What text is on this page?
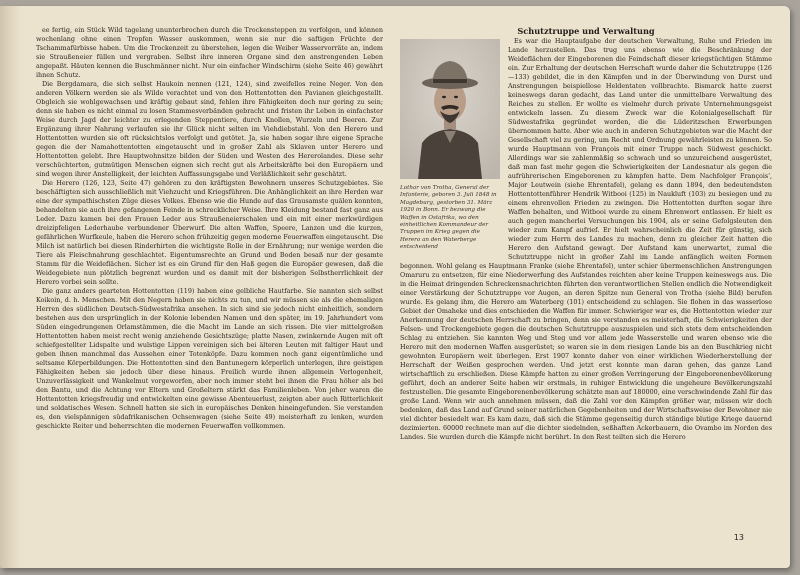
ee fertig, ein Stück Wild tagelang ununterbrochen durch die Trockensteppen zu verfolgen, und können wochenlang ohne einen Tropfen Wasser auskommen, wenn sie nur die saftigen Früchte der Tschammafürbisse haben. Um die Trockenzeit zu überstehen, legen die Weiber Wasservorräte an, indem sie Straußeneier füllen und vergraben. Selbst ihre inneren Organe sind den anstrengenden Leben angepaßt. Häuten kennen die Buschmänner nicht. Nur ein einfacher Windschirm (siehe Seite 46) gewährt ihnen Schutz.

Die Bergdamara, die sich selbst Haukoin nennen (121, 124), sind zweifellos reine Neger. Von den anderen Völkern werden sie als Wilde verachtet und von den Hottentotten den Pavianen gleichgestellt. Obgleich sie wohlgewachsen und kräftig gebaut sind, fehlen ihre Fähigkeiten doch nur gering zu sein; denn sie haben es nicht einmal zu losen Stammesverbänden gebracht und fristen ihr Leben in einfachster Weise durch Jagd der leichter zu erlegenden Steppentiere, durch Knollen, Wurzeln und Beeren. Zur Ergänzung ihrer Nahrung verlaufen sie ihr Glück nicht selten im Viehdiebstahl. Von den Herero und Hottentotten wurden sie oft rücksichtslos verfolgt und getötet. Ja, sie haben sogar ihre eigene Sprache gegen die der Namahottentotten eingetauscht und in großer Zahl als Sklaven unter Herero und Hottentotten gelebt. Ihre Hauptwohnsitze bilden der Süden und Westen des Hererolandes. Diese sehr verschüchterten, gutmütigen Menschen eignen sich recht gut als Arbeitskräfte bei den Europäern und sind wegen ihrer Anstelligkeit, der leichten Auffassungsgabe und Verläßlichkeit sehr geschätzt.

Die Herero (126, 123, Seite 47) gehören zu den kräftigsten Bewohnern unseres Schutzgebietes. Sie beschäftigten sich ausschließlich mit Viehzucht und Kriegsführen. Die Anhänglichkeit an ihre Herden war eine der sympathischsten Züge dieses Volkes. Ebenso wie die Hunde auf das Grausamste quälen konnten, behandelten sie auch ihre gefangenen Feinde in schrecklicher Weise. Ihre Kleidung bestand fast ganz aus Leder. Dazu kamen bei den Frauen Leder aus Straußeneierschalen und ein mit einer merkwürdigen dreizipfeligen Lederhaube verbundener Überwurf. Die alten Waffen, Speere, Lanzen und die kurzen, gefährlichen Wurfkeule, haben die Herero schon frühzeitig gegen moderne Feuerwaffen eingetauscht. Die Milch ist natürlich bei diesen Rinderhirten die wichtigste Rolle in der Ernährung; nur wenige werden die Tiere als Fleischnahrung geschlachtet. Eigentumsrechte an Grund und Boden besaß nur der gesamte Stamm für die Weideflächen. Sicher ist es ein Grund für den Haß gegen die Europäer gewesen, daß die Weidegebiete nun plötzlich begrenzt wurden und es damit mit der bisherigen Selbstherrlichkeit der Herero vorbei sein sollte.

Die ganz anders gearteten Hottentotten (119) haben eine gelbliche Hautfarbe. Sie nannten sich selbst Koikoin, d. h. Menschen. Mit den Negern haben sie nichts zu tun, und wir müssen sie als die ehemaligen Herren des südlichen Deutsch-Südwestafrika ansehen. In sich sind sie jedoch nicht einheitlich, sondern bestehen aus den ursprünglich in der Kolonie lebenden Namen und den später, im 19. Jahrhundert vom Süden eingedrungenen Orlamstämmen, die die Macht im Lande an sich rissen. Die vier mittelgroßen Hottentotten haben meist recht wenig anziehende Gesichtszüge; platte Nasen, zwinkernde Augen mit oft schiefgestellter Lidspalte und wulstige Lippen vereinigen sich bei älteren Leuten mit faltiger Haut und geben ihnen manchmal das Aussehen einer Totenköpfe. Dazu kommen noch ganz eigentümliche und seltsame Körperbildungen. Die Hottentotten sind den Bantunegern körperlich unterlegen, ihre geistigen Fähigkeiten heben sie jedoch über diese hinaus. Freilich wurde ihnen allgemein Verlogenheit, Unzuverlässigkeit und Wankelmut vorgeworfen, aber noch immer steht bei ihnen die Frau höher als bei den Bantu, und die Achtung vor Eltern und Großeltern stärkt das Familienleben. Von jeher waren die Hottentotten kriegsfreudig und entwickelten eine gewisse Abenteuerlust, zeigten aber auch Ritterlichkeit und soldatisches Wesen. Schnell hatten sie sich in europäisches Denken hineingefunden. Sie verstanden es, den vielspännigen südafrikanischen Ochsenwagen (siehe Seite 49) meisterhaft zu lenken, wurden geschickte Reiter und beherrschten die modernen Feuerwaffen vollkommen.

Schutztruppe und Verwaltung

Lothar von Trotha, General der Infanterie, geboren 3. Juli 1848 in Magdeburg, gestorben 31. März 1920 in Bonn. Er bezwang die Waffen in Ostafrika, wo den einheitlichen Kommandeur der Truppen im Krieg gegen die Herero an den Waterberge entscheidend

Es war die Hauptaufgabe der deutschen Verwaltung, Ruhe und Frieden im Lande herzustellen. Das trug uns ebenso wie die Beschränkung der Weideflächen der Eingeborenen die Feindschaft dieser kriegstüchtigen Stämme ein. Zur Erhaltung der deutschen Herrschaft wurde daher die Schutztruppe (126—133) gebildet, die in den Kämpfen und in der Überwindung von Durst und Anstrengungen beispiellose Heldentaten vollbrachte. Bismarck hatte zuerst keineswegs daran gedacht, das Land unter die unmittelbare Verwaltung des Reiches zu stellen. Er wollte es vielmehr durch private Unternehmungsgeist entwickeln lassen. Zu diesem Zweck war die Kolonialgesellschaft für Südwestafrika gegründet worden, die die Lüderitzschen Erwerbungen übernommen hatte. Aber wie auch in anderen Schutzgebieten war die Macht der Gesellschaft viel zu gering, um Recht und Ordnung gewährleisten zu können. So wurde Hauptmann von François mit einer Truppe nach Südwest geschickt. Allerdings war sie zahlenmäßig so schwach und so unzureichend ausgerüstet, daß man fast mehr gegen die Schwierigkeiten der Landesnatur als gegen die aufrührerischen Eingeborenen zu kämpfen hatte. Dem Nachfolger François', Major Leutwein (siehe Ehrentafel), gelang es dann 1894, den bedeutendsten Hottentottenführer Hendrik Witbooi (125) in Naukluft (103) zu besiegen und zu einem ehrenvollen Frieden zu zwingen. Die Hottentotten durften sogar ihre Waffen behalten, und Witbooi wurde zu einem Ehrenwort entlassen. Er hielt es auch gegen mancherlei Versuchungen bis 1904, als er seine Gefolgsleuten den wieder zum Kampf aufrief. Er hielt wahrscheinlich die Zeit für günstig, sich wieder zum Herrn des Landes zu machen, denn zu gleicher Zeit hatten die Herero den Aufstand gewagt. Der Aufstand kam unerwartet, zumal die Schutztruppe nicht in großer Zahl im Lande anfänglich weiten Formen begonnen. Wohl gelang es Hauptmann Franke (siehe Ehrentafel), unter schier übermenschlichen Anstrengungen Omaruru zu entsetzen, für eine Niederwerfung des Aufstandes reichten aber keine Truppen keineswegs aus. Die in die Heimat dringenden Schreckensnachrichten führten den verantwortlichen Stellen endlich die Notwendigkeit einer Verstärkung der Schutztruppe vor Augen, an deren Spitze nun General von Trotha (siehe Bild) berufen wurde. Es gelang ihm, die Herero am Waterberg (101) entscheidend zu schlagen. Sie flohen in das wasserlose Gebiet der Omaheke und dies entschieden die Waffen für immer. Schwieriger war es, die Hottentotten wieder zur Anerkennung der deutschen Herrschaft zu bringen, denn sie verstanden es meisterhaft, die Schwierigkeiten der Felsen- und Trockengebiete gegen die deutschen Schutztruppe auszuspielen und sich stets dem entscheidenden Schlag zu entziehen. Sie kannten Weg und Steg und vor allem jede Wasserstelle und waren ebenso wie die Herero mit den modernen Waffen ausgerüstet; so waren sie in dem riesigen Lande bis an den Buschkrieg nicht gewohnten Europäern weit überlegen. Erst 1907 konnte daher von einer wirklichen Wiederherstellung der Herrschaft der Weißen gesprochen werden. Und jetzt erst konnte man daran gehen, das ganze Land wirtschaftlich zu erschließen. Diese Kämpfe hatten zu einer großen Verringerung der Eingeborenenbevölkerung geführt, doch an anderer Seite haben wir erstmals, in ruhiger Entwicklung die ungeheure Bevölkerungszahl festzustellen. Die gesamte Eingeborenenbevölkerung schätzte man auf 180000, eine verschwindende Zahl für das große Land. Wenn wir auch annehmen müssen, daß die Zahl vor den Kämpfen größer war, müssen wir doch bedenken, daß das Land auf Grund seiner natürlichen Gegebenheiten und der Wirtschaftsweise der Bewohner nie viel dichter besiedelt war. Es kam dazu, daß sich die Stämme gegenseitig durch ständige blutige Kriege dauernd dezimierten. 60000 rechnete man auf die dichter siedelnden, seßhaften Ackerbauern, die Ovambo im Norden des Landes. Sie wurden durch die Kämpfe nicht berührt. In den Rest teilten sich die Herero

13
